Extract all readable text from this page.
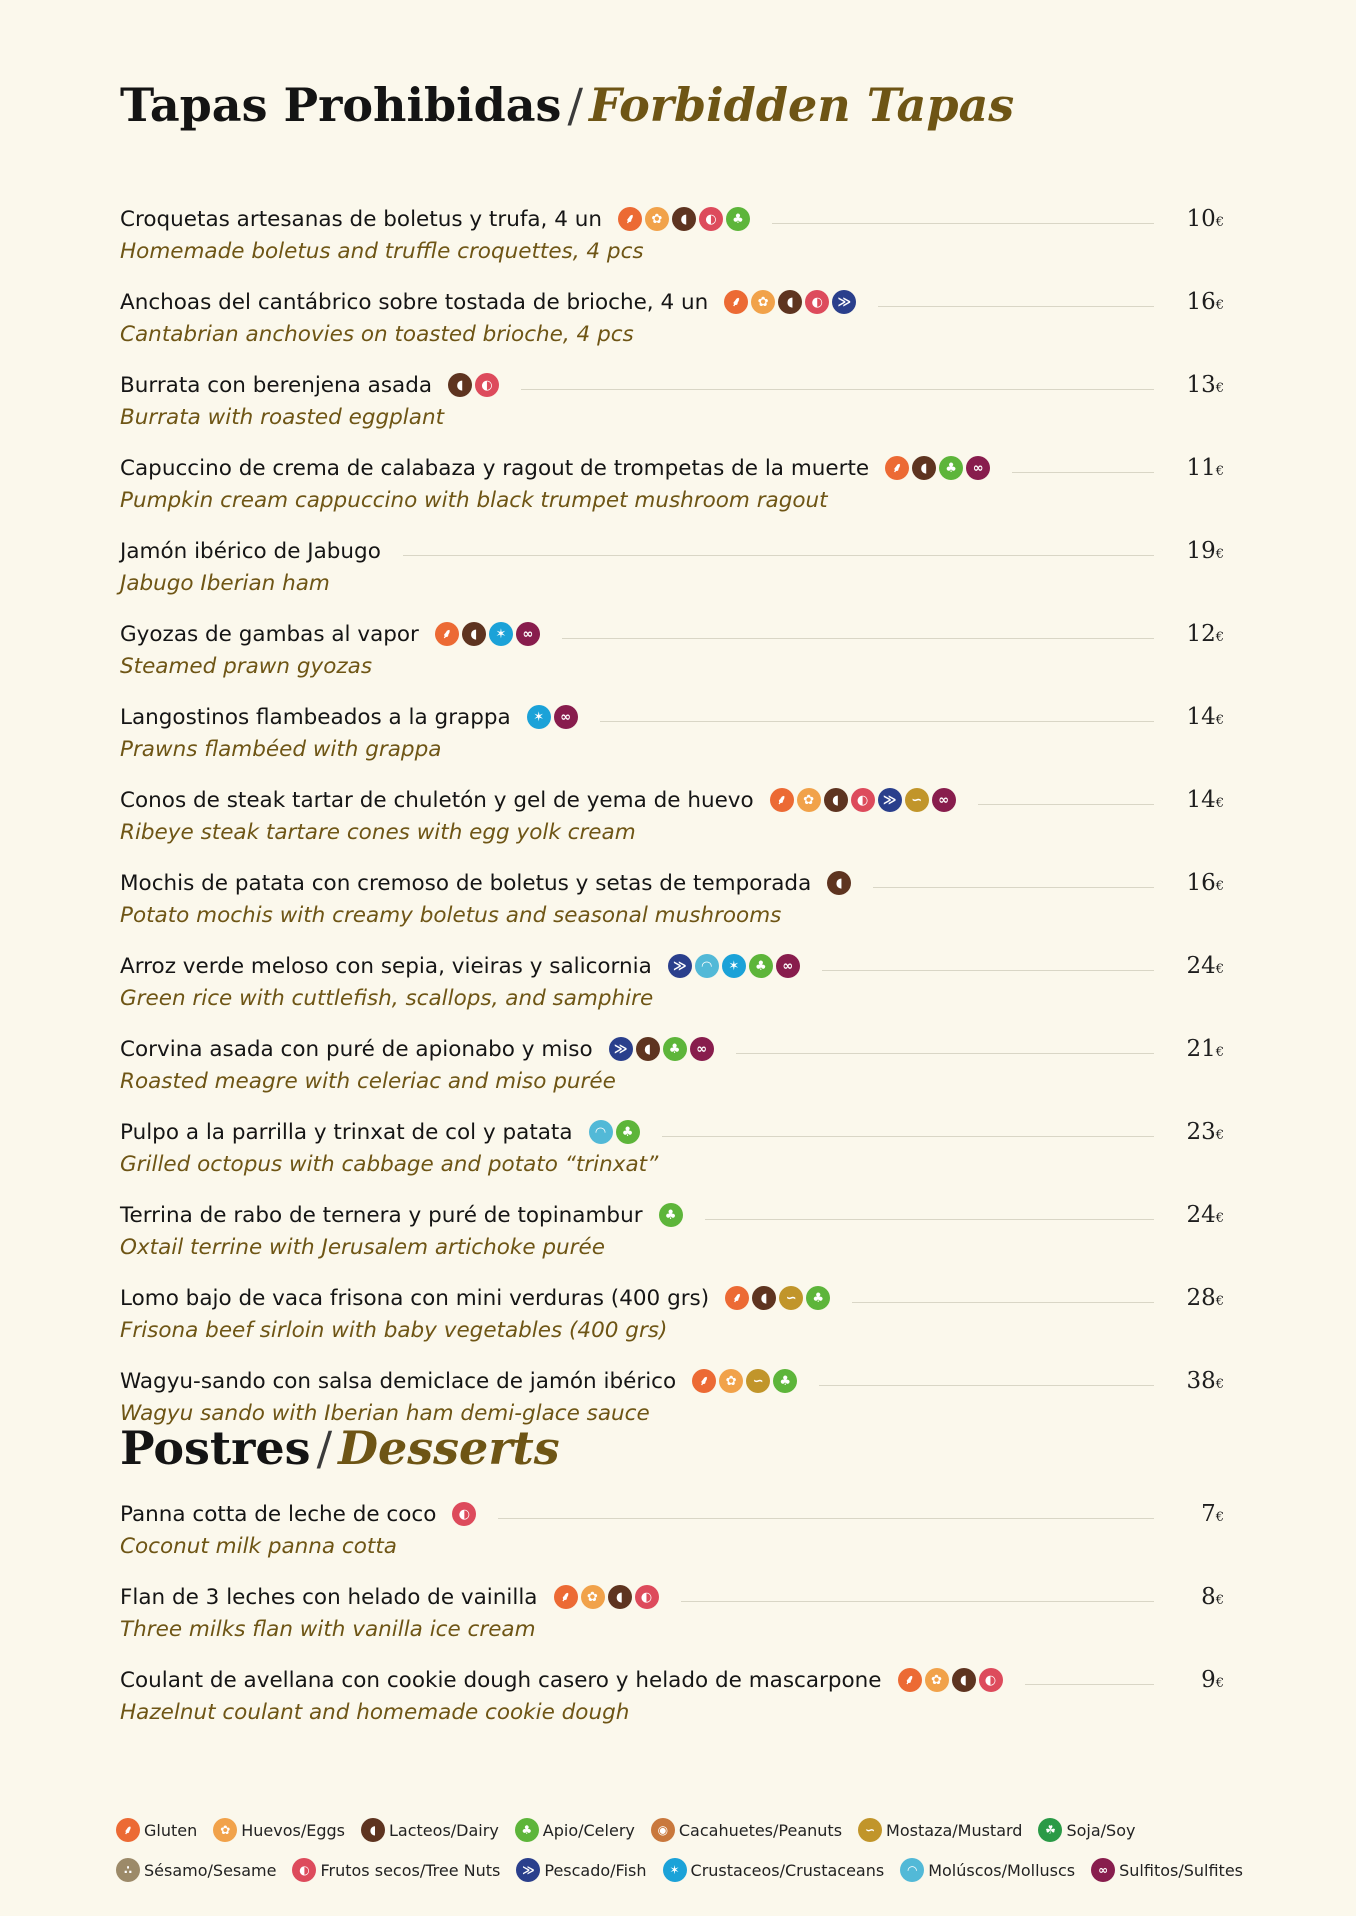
Tapas Prohibidas / Forbidden Tapas
Croquetas artesanas de boletus y trufa, 4 un	⸙	✿	◖	◐	♣	10€
Homemade boletus and truffle croquettes, 4 pcs
Anchoas del cantábrico sobre tostada de brioche, 4 un	⸙	✿	◖	◐	≫	16€
Cantabrian anchovies on toasted brioche, 4 pcs
Burrata con berenjena asada	◖	◐	13€
Burrata with roasted eggplant
Capuccino de crema de calabaza y ragout de trompetas de la muerte	⸙	◖	♣	∞	11€
Pumpkin cream cappuccino with black trumpet mushroom ragout
Jamón ibérico de Jabugo	19€
Jabugo Iberian ham
Gyozas de gambas al vapor	⸙	◖	✶	∞	12€
Steamed prawn gyozas
Langostinos flambeados a la grappa	✶	∞	14€
Prawns flambéed with grappa
Conos de steak tartar de chuletón y gel de yema de huevo	⸙	✿	◖	◐	≫	∽	∞	14€
Ribeye steak tartare cones with egg yolk cream
Mochis de patata con cremoso de boletus y setas de temporada	◖	16€
Potato mochis with creamy boletus and seasonal mushrooms
Arroz verde meloso con sepia, vieiras y salicornia	≫	◠	✶	♣	∞	24€
Green rice with cuttlefish, scallops, and samphire
Corvina asada con puré de apionabo y miso	≫	◖	♣	∞	21€
Roasted meagre with celeriac and miso purée
Pulpo a la parrilla y trinxat de col y patata	◠	♣	23€
Grilled octopus with cabbage and potato “trinxat”
Terrina de rabo de ternera y puré de topinambur	♣	24€
Oxtail terrine with Jerusalem artichoke purée
Lomo bajo de vaca frisona con mini verduras (400 grs)	⸙	◖	∽	♣	28€
Frisona beef sirloin with baby vegetables (400 grs)
Wagyu-sando con salsa demiclace de jamón ibérico	⸙	✿	∽	♣	38€
Wagyu sando with Iberian ham demi-glace sauce
Postres / Desserts
Panna cotta de leche de coco	◐	7€
Coconut milk panna cotta
Flan de 3 leches con helado de vainilla	⸙	✿	◖	◐	8€
Three milks flan with vanilla ice cream
Coulant de avellana con cookie dough casero y helado de mascarpone	⸙	✿	◖	◐	9€
Hazelnut coulant and homemade cookie dough
⸙ Gluten	✿ Huevos/Eggs	◖ Lacteos/Dairy	♣ Apio/Celery	◉ Cacahuetes/Peanuts	∽ Mostaza/Mustard	☘ Soja/Soy
∴ Sésamo/Sesame	◐ Frutos secos/Tree Nuts	≫ Pescado/Fish	✶ Crustaceos/Crustaceans	◠ Molúscos/Molluscs	∞ Sulfitos/Sulfites
